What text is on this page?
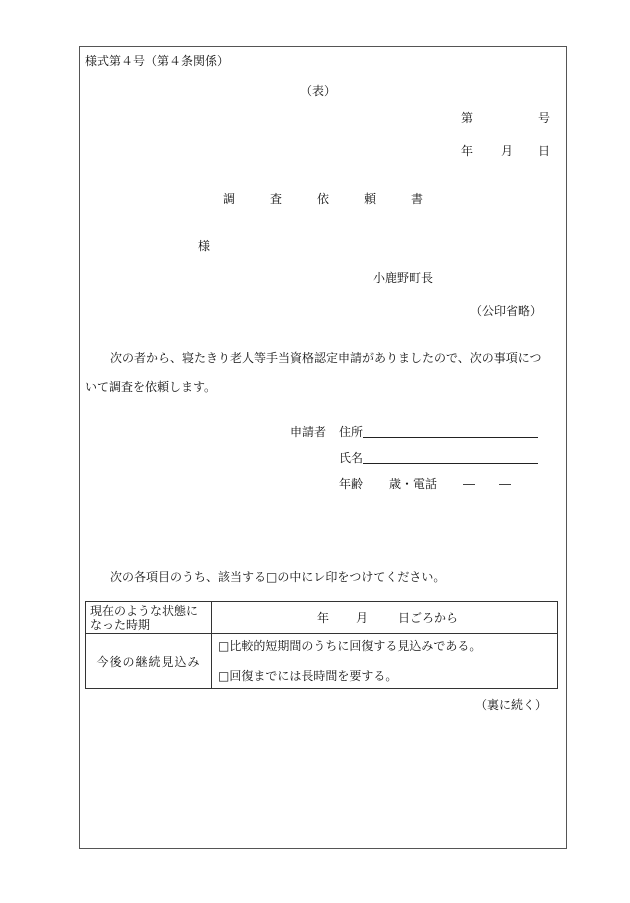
様式第４号（第４条関係）
（表）
第	号
年 月 日
調	査	依	頼	書
様
小鹿野町長
（公印省略）
次の者から、寝たきり老人等手当資格認定申請がありましたので、次の事項につ
いて調査を依頼します。
申請者 住所
氏名
年齢 歳・電話 ― ―
次の各項目のうち、該当する□の中にレ印をつけてください。
現在のような状態になった時期	年 月 日ごろから
今後の継続見込み	□比較的短期間のうちに回復する見込みである。
□回復までには長時間を要する。
（裏に続く）
